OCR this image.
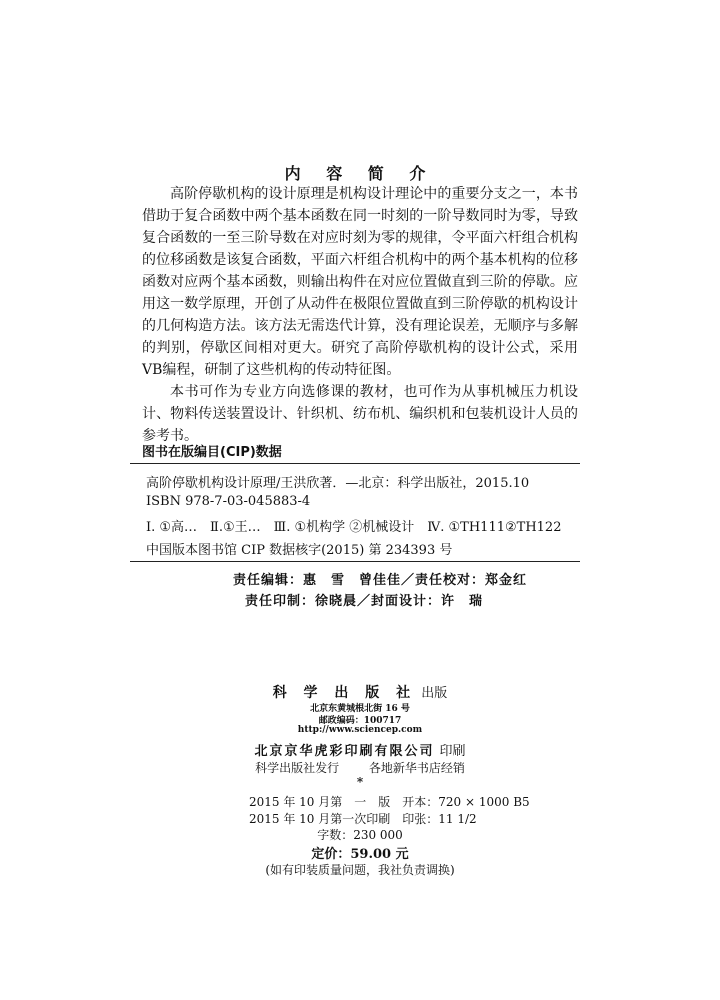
内 容 简 介

高阶停歇机构的设计原理是机构设计理论中的重要分支之一，本书借助于复合函数中两个基本函数在同一时刻的一阶导数同时为零，导致复合函数的一至三阶导数在对应时刻为零的规律，令平面六杆组合机构的位移函数是该复合函数，平面六杆组合机构中的两个基本机构的位移函数对应两个基本函数，则输出构件在对应位置做直到三阶的停歇。应用这一数学原理，开创了从动件在极限位置做直到三阶停歇的机构设计的几何构造方法。该方法无需迭代计算，没有理论误差，无顺序与多解的判别，停歇区间相对更大。研究了高阶停歇机构的设计公式，采用VB编程，研制了这些机构的传动特征图。

本书可作为专业方向选修课的教材，也可作为从事机械压力机设计、物料传送装置设计、针织机、纺布机、编织机和包装机设计人员的参考书。

图书在版编目(CIP)数据
高阶停歇机构设计原理/王洪欣著．—北京：科学出版社，2015.10
ISBN 978-7-03-045883-4
Ⅰ. ①高…　Ⅱ.①王…　Ⅲ. ①机构学 ②机械设计　Ⅳ. ①TH111②TH122
中国版本图书馆 CIP 数据核字(2015) 第 234393 号
责任编辑：惠　雪　曾佳佳／责任校对：郑金红
责任印制：徐晓晨／封面设计：许　瑞
科 学 出 版 社 出版
北京东黄城根北街 16 号
邮政编码：100717
http://www.sciencep.com
北京京华虎彩印刷有限公司 印刷
科学出版社发行 各地新华书店经销
*
2015 年 10 月第　一　版　开本：720 × 1000 B5
2015 年 10 月第一次印刷　印张：11 1/2
字数：230 000
定价：59.00 元
(如有印装质量问题，我社负责调换)
